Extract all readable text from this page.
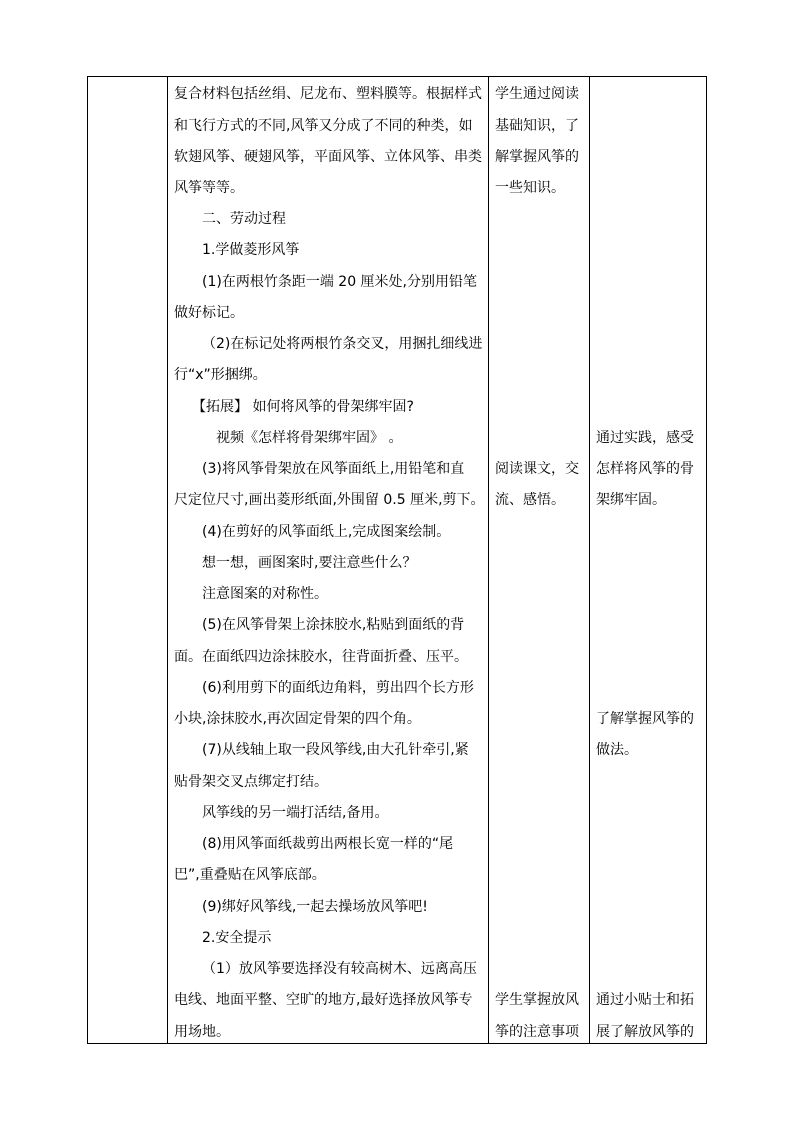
复合材料包括丝绢、尼龙布、塑料膜等。根据样式
和飞行方式的不同,风筝又分成了不同的种类，如
软翅风筝、硬翅风筝，平面风筝、立体风筝、串类
风筝等等。
二、劳动过程
1.学做菱形风筝
(1)在两根竹条距一端 20 厘米处,分别用铅笔
做好标记。
（2)在标记处将两根竹条交叉，用捆扎细线进
行“x”形捆绑。
【拓展】 如何将风筝的骨架绑牢固?
视频《怎样将骨架绑牢固》 。
(3)将风筝骨架放在风筝面纸上,用铅笔和直
尺定位尺寸,画出菱形纸面,外围留 0.5 厘米,剪下。
(4)在剪好的风筝面纸上,完成图案绘制。
想一想，画图案时,要注意些什么？
注意图案的对称性。
(5)在风筝骨架上涂抹胶水,粘贴到面纸的背
面。在面纸四边涂抹胶水，往背面折叠、压平。
(6)利用剪下的面纸边角料，剪出四个长方形
小块,涂抹胶水,再次固定骨架的四个角。
(7)从线轴上取一段风筝线,由大孔针牵引,紧
贴骨架交叉点绑定打结。
风筝线的另一端打活结,备用。
(8)用风筝面纸裁剪出两根长宽一样的“尾
巴”,重叠贴在风筝底部。
(9)绑好风筝线,一起去操场放风筝吧!
2.安全提示
（1）放风筝要选择没有较高树木、远离高压
电线、地面平整、空旷的地方,最好选择放风筝专
用场地。
学生通过阅读
基础知识，了
解掌握风筝的
一些知识。
阅读课文，交
流、感悟。
学生掌握放风
筝的注意事项
通过实践，感受
怎样将风筝的骨
架绑牢固。
了解掌握风筝的
做法。
通过小贴士和拓
展了解放风筝的
